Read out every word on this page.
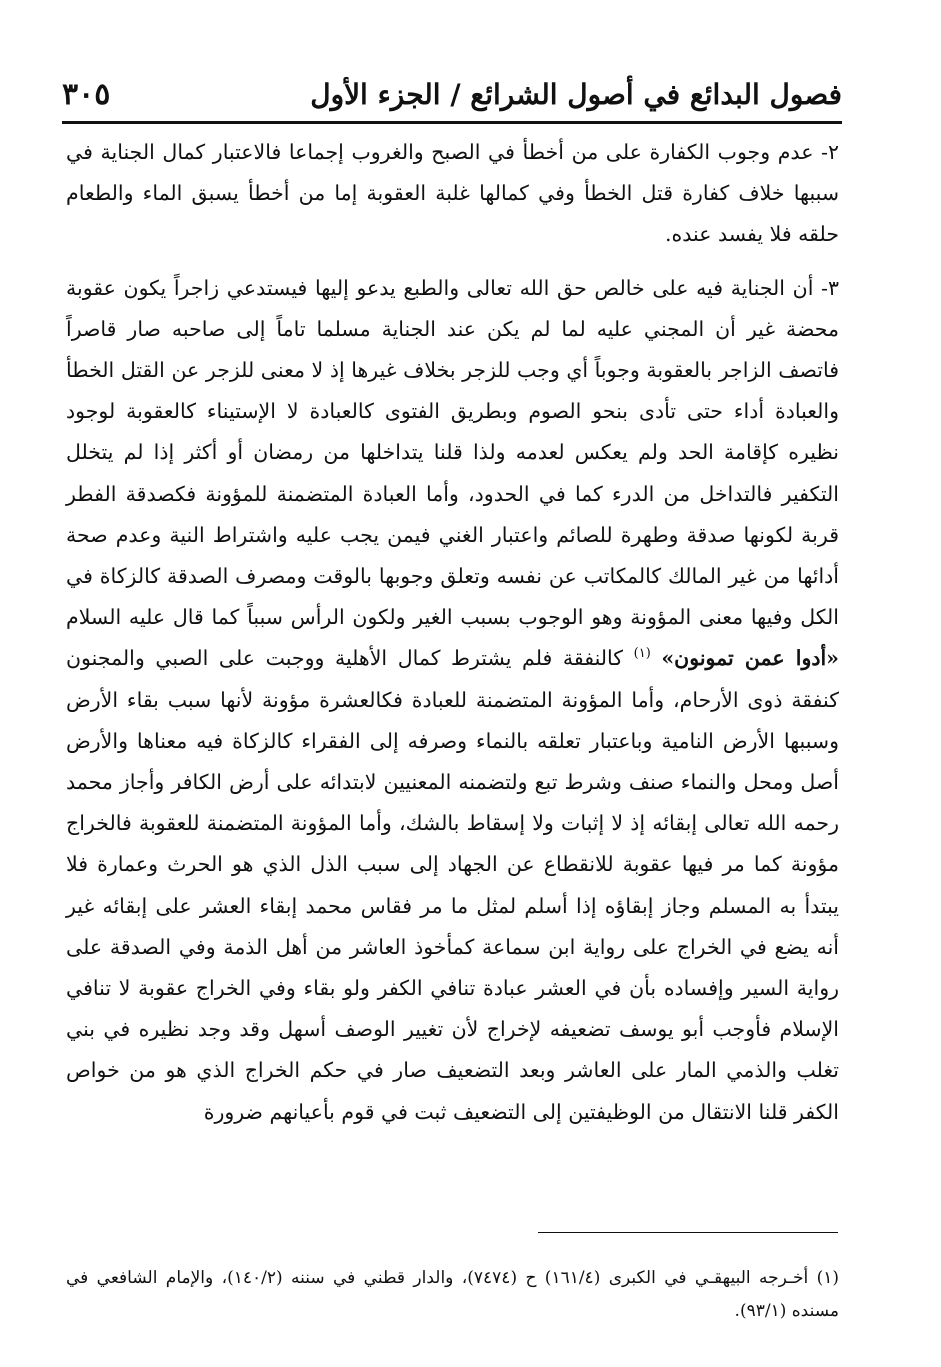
فصول البدائع في أصول الشرائع / الجزء الأول
٣٠٥

٢- عدم وجوب الكفارة على من أخطأ في الصبح والغروب إجماعا فالاعتبار كمال الجناية في سببها خلاف كفارة قتل الخطأ وفي كمالها غلبة العقوبة إما من أخطأ يسبق الماء والطعام حلقه فلا يفسد عنده.

٣- أن الجناية فيه على خالص حق الله تعالى والطبع يدعو إليها فيستدعي زاجراً يكون عقوبة محضة غير أن المجني عليه لما لم يكن عند الجناية مسلما تاماً إلى صاحبه صار قاصراً فاتصف الزاجر بالعقوبة وجوباً أي وجب للزجر بخلاف غيرها إذ لا معنى للزجر عن القتل الخطأ والعبادة أداء حتى تأدى بنحو الصوم وبطريق الفتوى كالعبادة لا الإستيناء كالعقوبة لوجود نظيره كإقامة الحد ولم يعكس لعدمه ولذا قلنا يتداخلها من رمضان أو أكثر إذا لم يتخلل التكفير فالتداخل من الدرء كما في الحدود، وأما العبادة المتضمنة للمؤونة فكصدقة الفطر قربة لكونها صدقة وطهرة للصائم واعتبار الغني فيمن يجب عليه واشتراط النية وعدم صحة أدائها من غير المالك كالمكاتب عن نفسه وتعلق وجوبها بالوقت ومصرف الصدقة كالزكاة في الكل وفيها معنى المؤونة وهو الوجوب بسبب الغير ولكون الرأس سبباً كما قال عليه السلام «أدوا عمن تمونون» $^{(١)}$ كالنفقة فلم يشترط كمال الأهلية ووجبت على الصبي والمجنون كنفقة ذوى الأرحام، وأما المؤونة المتضمنة للعبادة فكالعشرة مؤونة لأنها سبب بقاء الأرض وسببها الأرض النامية وباعتبار تعلقه بالنماء وصرفه إلى الفقراء كالزكاة فيه معناها والأرض أصل ومحل والنماء صنف وشرط تبع ولتضمنه المعنيين لابتدائه على أرض الكافر وأجاز محمد رحمه الله تعالى إبقائه إذ لا إثبات ولا إسقاط بالشك، وأما المؤونة المتضمنة للعقوبة فالخراج مؤونة كما مر فيها عقوبة للانقطاع عن الجهاد إلى سبب الذل الذي هو الحرث وعمارة فلا يبتدأ به المسلم وجاز إبقاؤه إذا أسلم لمثل ما مر فقاس محمد إبقاء العشر على إبقائه غير أنه يضع في الخراج على رواية ابن سماعة كمأخوذ العاشر من أهل الذمة وفي الصدقة على رواية السير وإفساده بأن في العشر عبادة تنافي الكفر ولو بقاء وفي الخراج عقوبة لا تنافي الإسلام فأوجب أبو يوسف تضعيفه لإخراج لأن تغيير الوصف أسهل وقد وجد نظيره في بني تغلب والذمي المار على العاشر وبعد التضعيف صار في حكم الخراج الذي هو من خواص الكفر قلنا الانتقال من الوظيفتين إلى التضعيف ثبت في قوم بأعيانهم ضرورة

(١) أخـرجه البيهقـي في الكبرى (١٦١/٤) ح (٧٤٧٤)، والدار قطني في سننه (١٤٠/٢)، والإمام الشافعي في مسنده (٩٣/١).
